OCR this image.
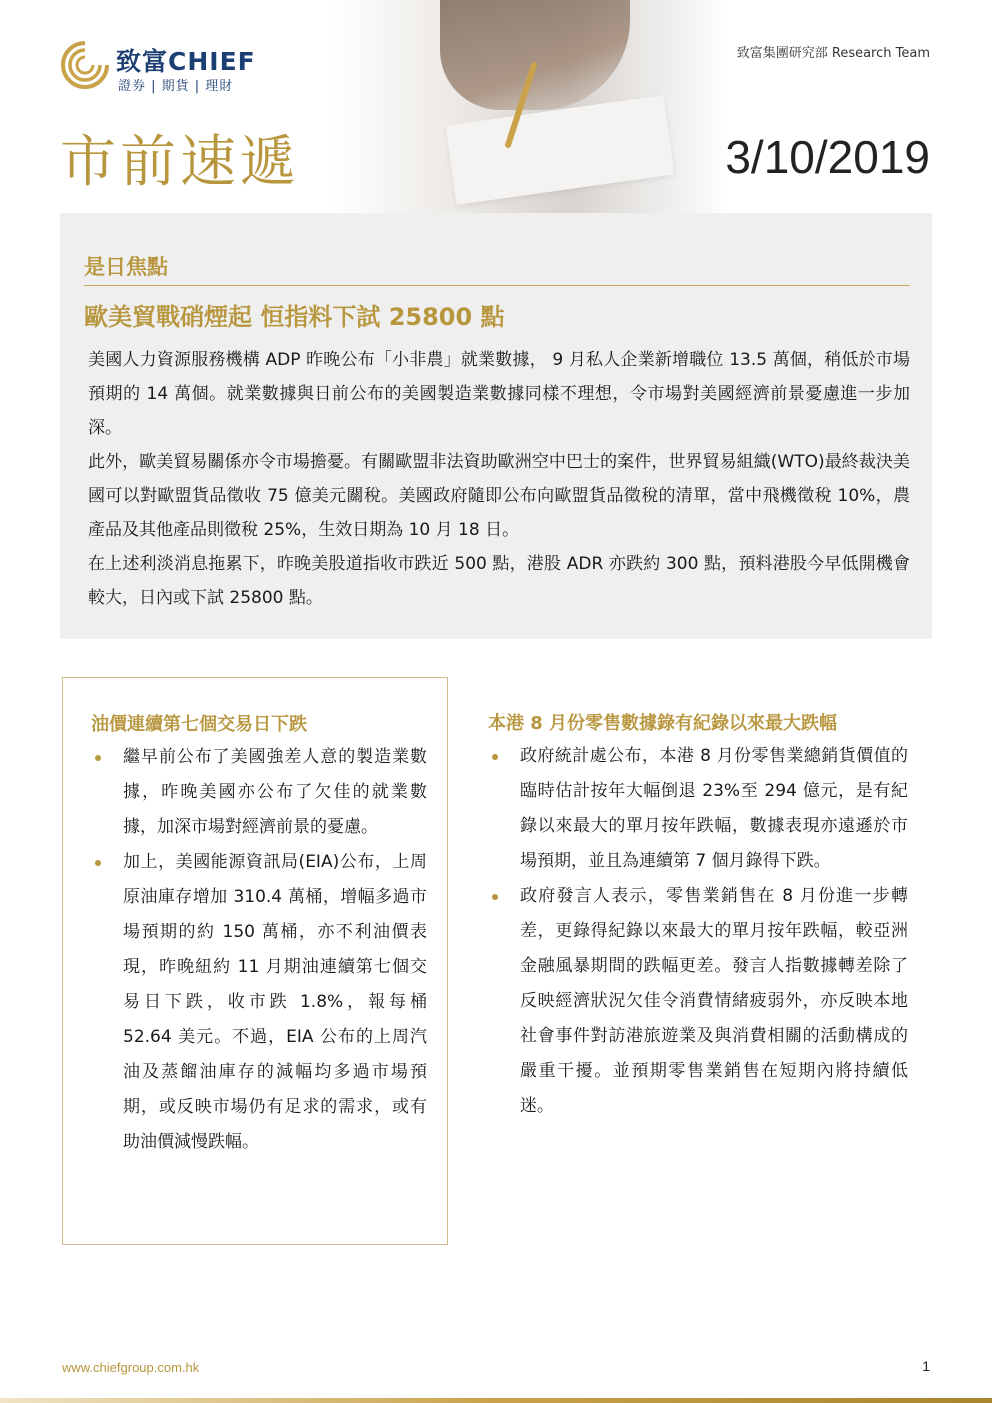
致富CHIEF
證券 | 期貨 | 理財
致富集團研究部 Research Team
市前速遞	3/10/2019
是日焦點
歐美貿戰硝煙起 恒指料下試 25800 點

美國人力資源服務機構 ADP 昨晚公布「小非農」就業數據， 9 月私人企業新增職位 13.5 萬個，稍低於市場預期的 14 萬個。就業數據與日前公布的美國製造業數據同樣不理想，令市場對美國經濟前景憂慮進一步加深。

此外，歐美貿易關係亦令市場擔憂。有關歐盟非法資助歐洲空中巴士的案件，世界貿易組織(WTO)最終裁決美國可以對歐盟貨品徵收 75 億美元關稅。美國政府隨即公布向歐盟貨品徵稅的清單，當中飛機徵稅 10%，農產品及其他產品則徵稅 25%，生效日期為 10 月 18 日。

在上述利淡消息拖累下，昨晚美股道指收市跌近 500 點，港股 ADR 亦跌約 300 點，預料港股今早低開機會較大，日內或下試 25800 點。

油價連續第七個交易日下跌
繼早前公布了美國強差人意的製造業數據，昨晚美國亦公布了欠佳的就業數據，加深市場對經濟前景的憂慮。
加上，美國能源資訊局(EIA)公布，上周原油庫存增加 310.4 萬桶，增幅多過市場預期的約 150 萬桶，亦不利油價表現，昨晚紐約 11 月期油連續第七個交易日下跌，收市跌 1.8%，報每桶 52.64 美元。不過，EIA 公布的上周汽油及蒸餾油庫存的減幅均多過市場預期，或反映市場仍有足求的需求，或有助油價減慢跌幅。
本港 8 月份零售數據錄有紀錄以來最大跌幅
政府統計處公布，本港 8 月份零售業總銷貨價值的臨時估計按年大幅倒退 23%至 294 億元，是有紀錄以來最大的單月按年跌幅，數據表現亦遠遜於市場預期，並且為連續第 7 個月錄得下跌。
政府發言人表示，零售業銷售在 8 月份進一步轉差，更錄得紀錄以來最大的單月按年跌幅，較亞洲金融風暴期間的跌幅更差。發言人指數據轉差除了反映經濟狀況欠佳令消費情緒疲弱外，亦反映本地社會事件對訪港旅遊業及與消費相關的活動構成的嚴重干擾。並預期零售業銷售在短期內將持續低迷。
www.chiefgroup.com.hk	1
